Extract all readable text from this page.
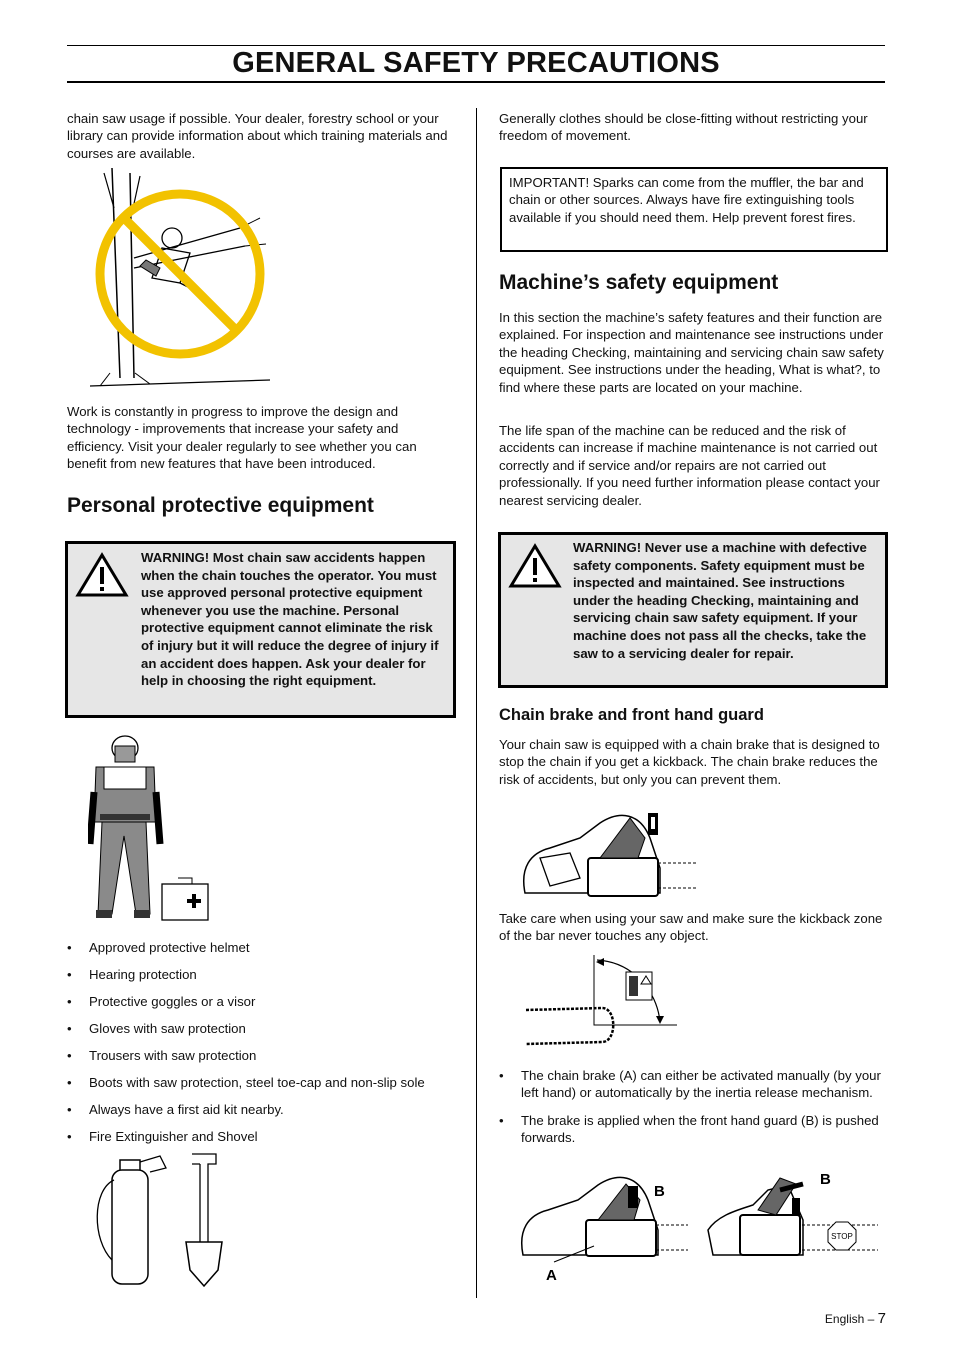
GENERAL SAFETY PRECAUTIONS

chain saw usage if possible. Your dealer, forestry school or your library can provide information about which training materials and courses are available.

Work is constantly in progress to improve the design and technology - improvements that increase your safety and efficiency. Visit your dealer regularly to see whether you can benefit from new features that have been introduced.

Personal protective equipment
WARNING! Most chain saw accidents happen when the chain touches the operator. You must use approved personal protective equipment whenever you use the machine. Personal protective equipment cannot eliminate the risk of injury but it will reduce the degree of injury if an accident does happen. Ask your dealer for help in choosing the right equipment.
• Approved protective helmet
• Hearing protection
• Protective goggles or a visor
• Gloves with saw protection
• Trousers with saw protection
• Boots with saw protection, steel toe-cap and non-slip sole
• Always have a first aid kit nearby.
• Fire Extinguisher and Shovel

Generally clothes should be close-fitting without restricting your freedom of movement.

IMPORTANT! Sparks can come from the muffler, the bar and chain or other sources. Always have fire extinguishing tools available if you should need them. Help prevent forest fires.
Machine’s safety equipment

In this section the machine’s safety features and their function are explained. For inspection and maintenance see instructions under the heading Checking, maintaining and servicing chain saw safety equipment. See instructions under the heading, What is what?, to find where these parts are located on your machine.

The life span of the machine can be reduced and the risk of accidents can increase if machine maintenance is not carried out correctly and if service and/or repairs are not carried out professionally. If you need further information please contact your nearest servicing dealer.

WARNING! Never use a machine with defective safety components. Safety equipment must be inspected and maintained. See instructions under the heading Checking, maintaining and servicing chain saw safety equipment. If your machine does not pass all the checks, take the saw to a servicing dealer for repair.
Chain brake and front hand guard

Your chain saw is equipped with a chain brake that is designed to stop the chain if you get a kickback. The chain brake reduces the risk of accidents, but only you can prevent them.

Take care when using your saw and make sure the kickback zone of the bar never touches any object.

• The chain brake (A) can either be activated manually (by your left hand) or automatically by the inertia release mechanism.
• The brake is applied when the front hand guard (B) is pushed forwards.
A
B
STOP
B
English – 7
